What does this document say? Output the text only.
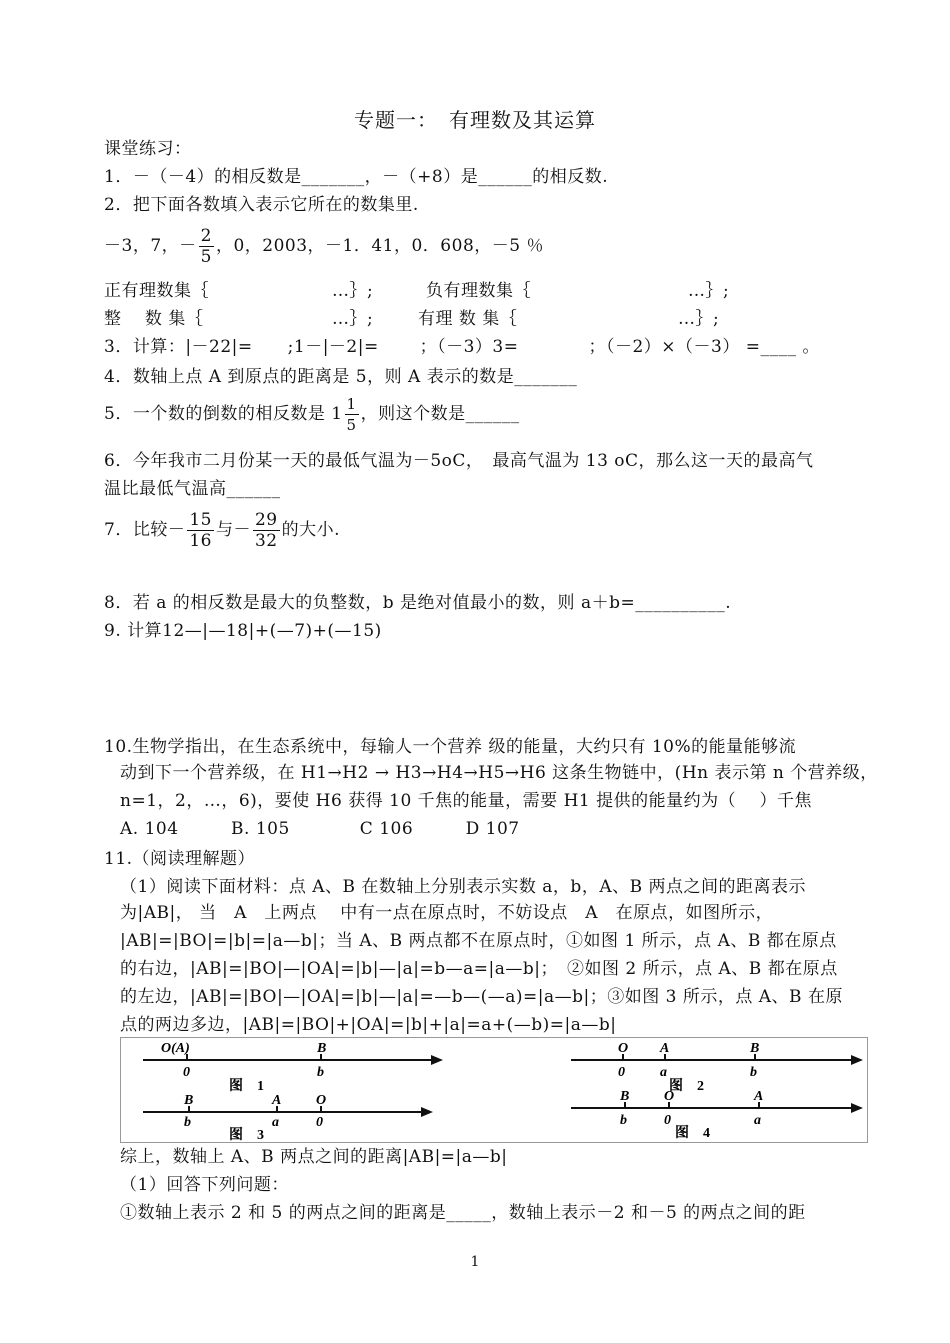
专题一：　有理数及其运算
课堂练习：
1．－（－4）的相反数是_______，－（+8）是______的相反数.
2．把下面各数填入表示它所在的数集里.
－3，7，－ $\frac{2}{5}$ ，0，2003，－1．41，0．608，－5 ％
正有理数集｛	…｝;	负有理数集｛	…｝;
整　 数 集｛	…｝;	有理 数 集｛	…｝;
3．计算：|－22|=　　;1－|－2|=　　 ；（－3）3=　　　　；（－2）×（－3） =____ 。
4．数轴上点 A 到原点的距离是 5，则 A 表示的数是_______
5．一个数的倒数的相反数是 $1 \frac{1}{5}$ ，则这个数是______
6．今年我市二月份某一天的最低气温为－5oC，　最高气温为 13 oC，那么这一天的最高气
温比最低气温高______
7．比较－ $\frac{15}{16}$ 与－ $\frac{29}{32}$ 的大小.
8．若 a 的相反数是最大的负整数，b 是绝对值最小的数，则 a＋b=__________.
9. 计算12—|—18|+(—7)+(—15)
10.生物学指出，在生态系统中，每输人一个营养 级的能量，大约只有 10%的能量能够流
动到下一个营养级，在 H1→H2 → H3→H4→H5→H6 这条生物链中，(Hn 表示第 n 个营养级，
n=1，2，…，6)，要使 H6 获得 10 千焦的能量，需要 H1 提供的能量约为（　 ）千焦
A. 104　　　B. 105　　　　C 106　　　D 107
11.（阅读理解题）
（1）阅读下面材料：点 A、B 在数轴上分别表示实数 a，b，A、B 两点之间的距离表示
为|AB|， 当　A　上两点　 中有一点在原点时，不妨设点　A　在原点，如图所示，
|AB|=|BO|=|b|=|a—b|；当 A、B 两点都不在原点时，①如图 1 所示，点 A、B 都在原点
的右边，|AB|=|BO|—|OA|=|b|—|a|=b—a=|a—b|；　②如图 2 所示，点 A、B 都在原点
的左边，|AB|=|BO|—|OA|=|b|—|a|=—b—(—a)=|a—b|；③如图 3 所示，点 A、B 在原
点的两边多边，|AB|=|BO|+|OA|=|b|+|a|=a+(—b)=|a—b|
O(A)	B
0	b
图　1
O A	B
0	a	b
图　2
B	A O
b	a	0
图　3
B O	A
b	0	a
图　4
综上，数轴上 A、B 两点之间的距离|AB|=|a—b|
（1）回答下列问题：
①数轴上表示 2 和 5 的两点之间的距离是_____，数轴上表示－2 和－5 的两点之间的距
1
